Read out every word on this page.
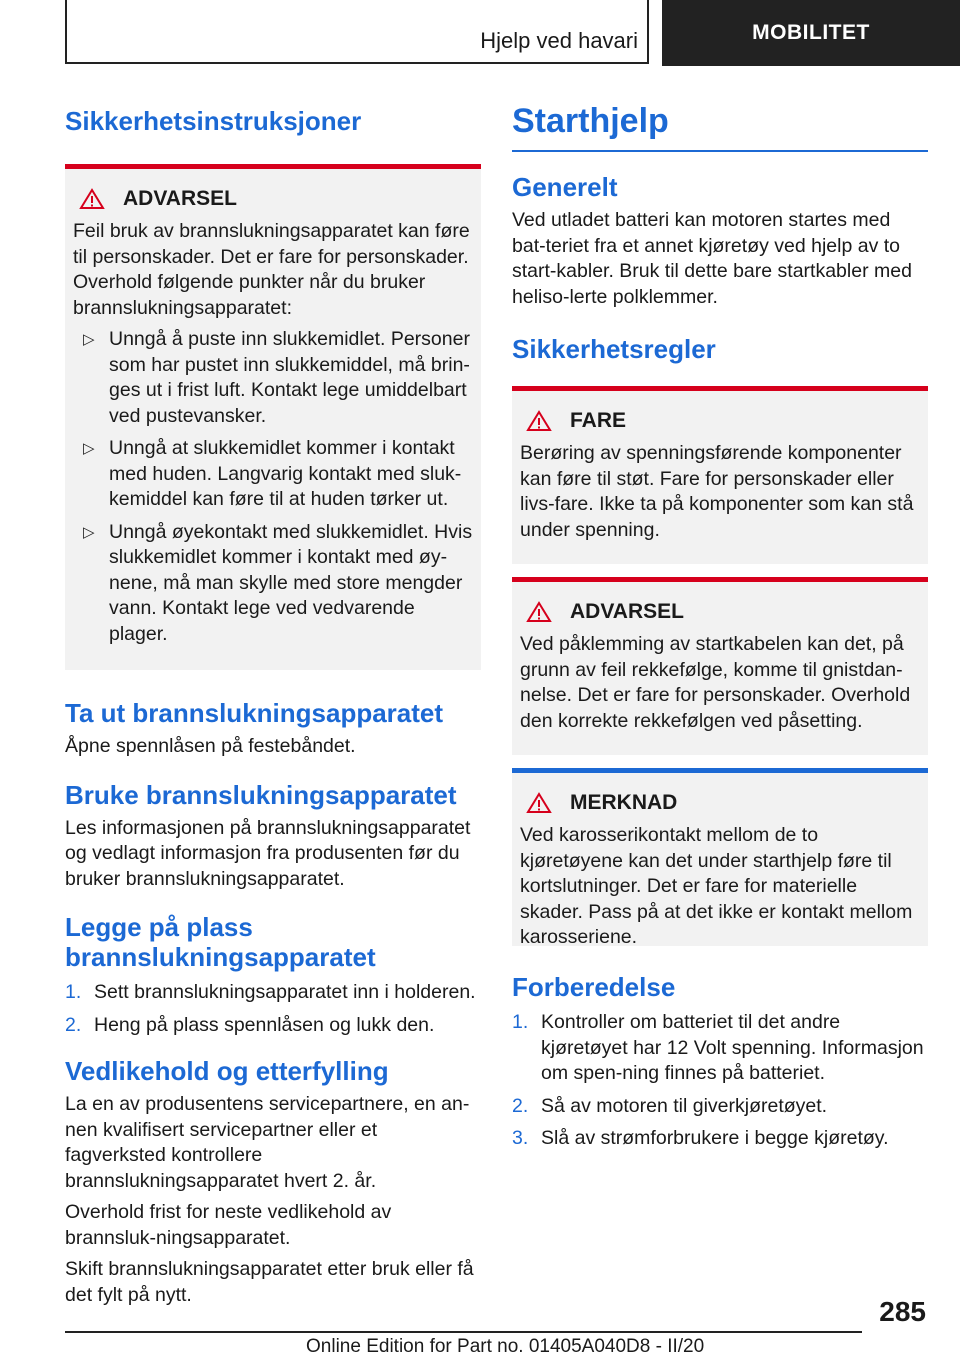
Hjelp ved havari	MOBILITET
Sikkerhetsinstruksjoner
ADVARSEL
Feil bruk av brannslukningsapparatet kan føre til personskader. Det er fare for personskader. Overhold følgende punkter når du bruker brannslukningsapparatet:
▷ Unngå å puste inn slukkemidlet. Personer som har pustet inn slukkemiddel, må brin-ges ut i frist luft. Kontakt lege umiddelbart ved pustevansker.
▷ Unngå at slukkemidlet kommer i kontakt med huden. Langvarig kontakt med sluk-kemiddel kan føre til at huden tørker ut.
▷ Unngå øyekontakt med slukkemidlet. Hvis slukkemidlet kommer i kontakt med øy-nene, må man skylle med store mengder vann. Kontakt lege ved vedvarende plager.
Ta ut brannslukningsapparatet

Åpne spennlåsen på festebåndet.

Bruke brannslukningsapparatet

Les informasjonen på brannslukningsapparatet og vedlagt informasjon fra produsenten før du bruker brannslukningsapparatet.

Legge på plass brannslukningsapparatet
1. Sett brannslukningsapparatet inn i holderen.
2. Heng på plass spennlåsen og lukk den.
Vedlikehold og etterfylling

La en av produsentens servicepartnere, en an-nen kvalifisert servicepartner eller et fagverksted kontrollere brannslukningsapparatet hvert 2. år.

Overhold frist for neste vedlikehold av brannsluk-ningsapparatet.

Skift brannslukningsapparatet etter bruk eller få det fylt på nytt.

Starthjelp
Generelt

Ved utladet batteri kan motoren startes med bat-teriet fra et annet kjøretøy ved hjelp av to start-kabler. Bruk til dette bare startkabler med heliso-lerte polklemmer.

Sikkerhetsregler
FARE
Berøring av spenningsførende komponenter kan føre til støt. Fare for personskader eller livs-fare. Ikke ta på komponenter som kan stå under spenning.
ADVARSEL
Ved påklemming av startkabelen kan det, på grunn av feil rekkefølge, komme til gnistdan-nelse. Det er fare for personskader. Overhold den korrekte rekkefølgen ved påsetting.
MERKNAD
Ved karosserikontakt mellom de to kjøretøyene kan det under starthjelp føre til kortslutninger. Det er fare for materielle skader. Pass på at det ikke er kontakt mellom karosseriene.
Forberedelse
1. Kontroller om batteriet til det andre kjøretøyet har 12 Volt spenning. Informasjon om spen-ning finnes på batteriet.
2. Så av motoren til giverkjøretøyet.
3. Slå av strømforbrukere i begge kjøretøy.
285
Online Edition for Part no. 01405A040D8 - II/20
